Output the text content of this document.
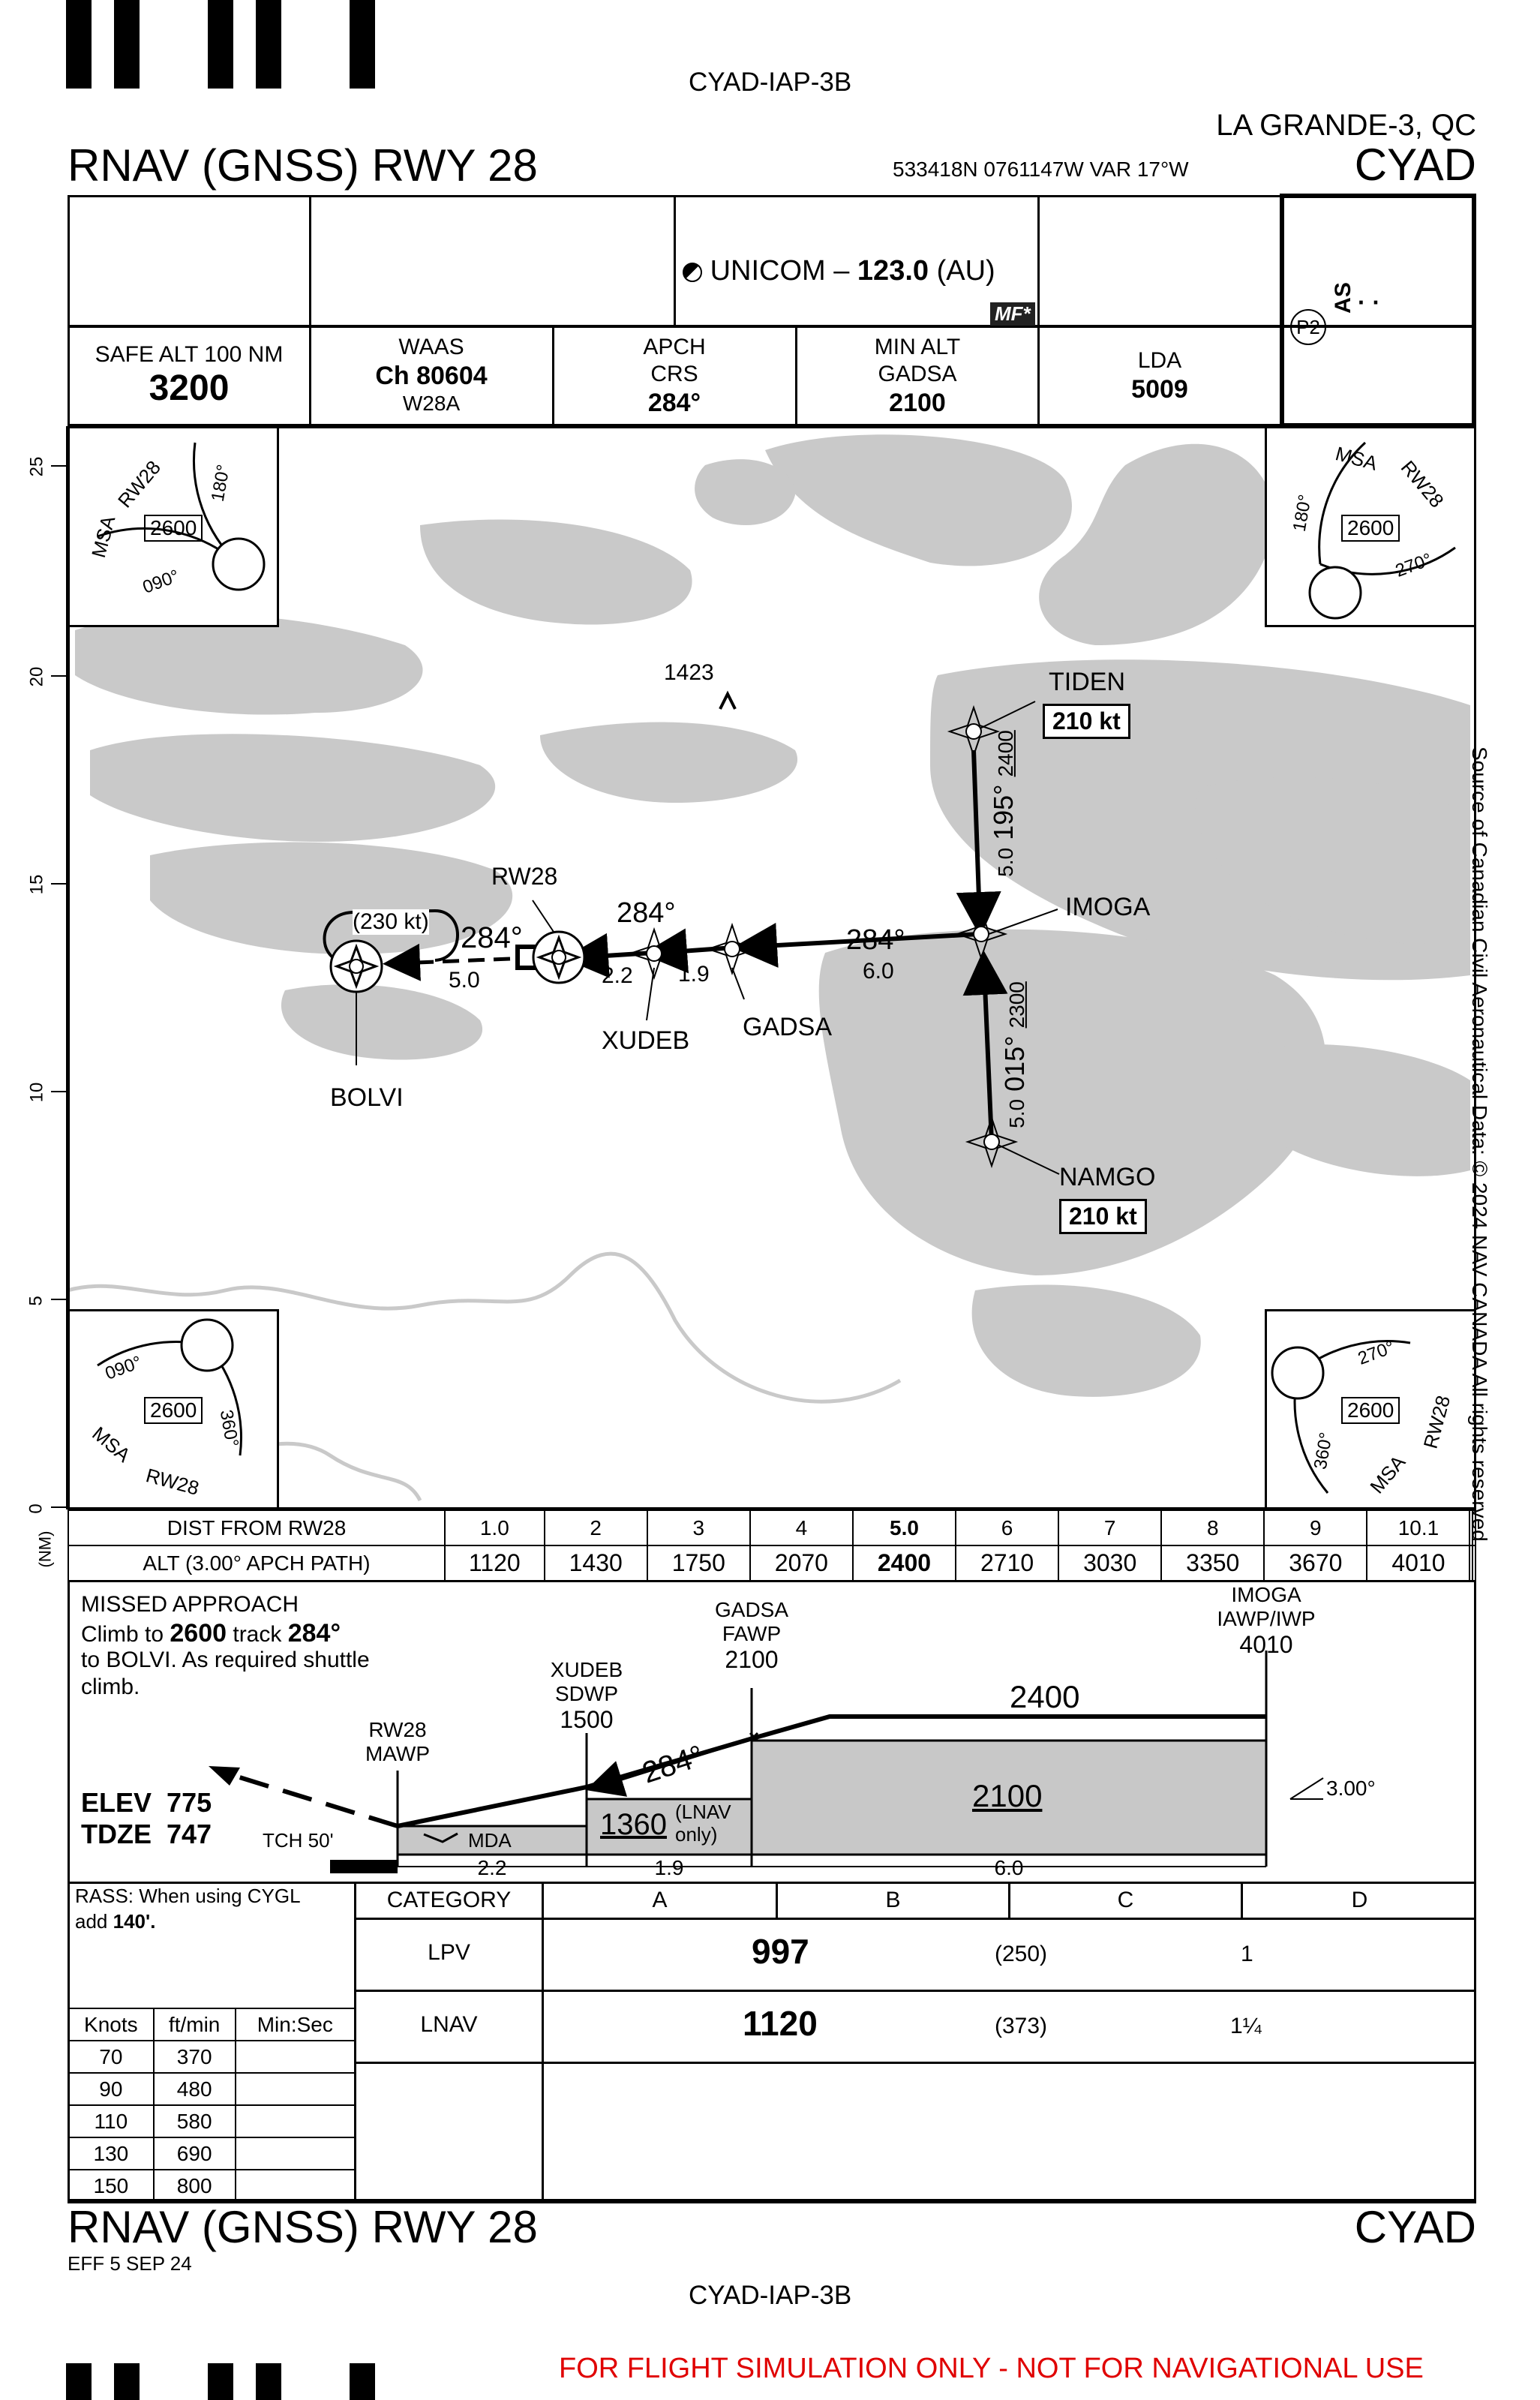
CYAD-IAP-3B
LA GRANDE-3, QC
RNAV (GNSS) RWY 28	533418N 0761147W VAR 17°W	CYAD
UNICOM – 123.0 (AU)
MF*
P2
AS · ·
SAFE ALT 100 NM
3200
WAAS
Ch 80604
W28A
APCH
CRS
284°
MIN ALT
GADSA
2100
LDA
5009
25
20
15
10
5
0
(NM)
1423	TIDEN
210 kt
IMOGA
NAMGO
210 kt
GADSA
XUDEB
RW28
BOLVI
5.0 195° 2400
5.0 015° 2300
284°
6.0
284°
1.9
2.2
284°
(230 kt)
5.0
2600	2600
2600	2600
RW28
MSA
090°
180°
MSA RW28
180°
270°
090°
360°
MSA
RW28
270°
360°
MSA
RW28 Source of Canadian Civil Aeronautical Data: © 2024 NAV CANADA All rights reserved
DIST FROM RW28	1.0	2	3	4	5.0	6	7	8	9	10.1		
ALT (3.00° APCH PATH)	1120	1430	1750	2070	2400	2710	3030	3350	3670	4010		
MISSED APPROACH
Climb to 2600 track 284°
to BOLVI. As required shuttle
climb.
IMOGA
IAWP/IWP
4010
GADSA
FAWP
2100
XUDEB
SDWP
1500
RW28
MAWP
2400
2100
1360 (LNAV only)
284°
MDA
TCH 50'
ELEV 775
TDZE 747
3.00°
2.2	1.9	6.0
RASS: When using CYGL
add 140'.
CATEGORY	A	B	C	D
LPV	997	(250)	1
LNAV	1120	(373)	1¼
Knots	ft/min	Min:Sec
70	370	
90	480	
110	580	
130	690	
150	800	
RNAV (GNSS) RWY 28	CYAD
EFF 5 SEP 24
CYAD-IAP-3B
FOR FLIGHT SIMULATION ONLY - NOT FOR NAVIGATIONAL USE
